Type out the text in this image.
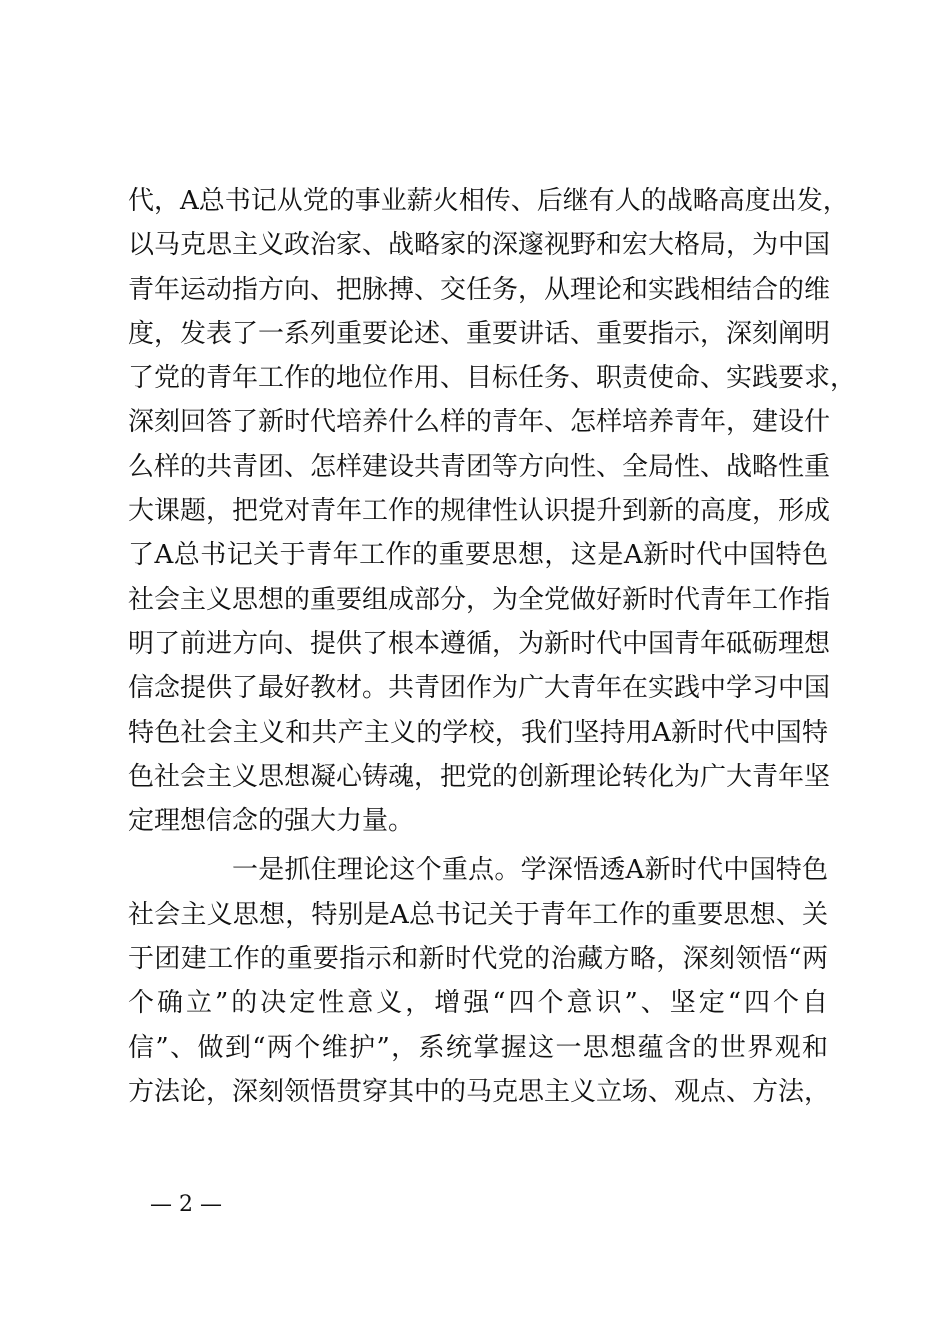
代，A总书记从党的事业薪火相传、后继有人的战略高度出发，
以马克思主义政治家、战略家的深邃视野和宏大格局，为中国
青年运动指方向、把脉搏、交任务，从理论和实践相结合的维
度，发表了一系列重要论述、重要讲话、重要指示，深刻阐明
了党的青年工作的地位作用、目标任务、职责使命、实践要求，
深刻回答了新时代培养什么样的青年、怎样培养青年，建设什
么样的共青团、怎样建设共青团等方向性、全局性、战略性重
大课题，把党对青年工作的规律性认识提升到新的高度，形成
了A总书记关于青年工作的重要思想，这是A新时代中国特色
社会主义思想的重要组成部分，为全党做好新时代青年工作指
明了前进方向、提供了根本遵循，为新时代中国青年砥砺理想
信念提供了最好教材。共青团作为广大青年在实践中学习中国
特色社会主义和共产主义的学校，我们坚持用A新时代中国特
色社会主义思想凝心铸魂，把党的创新理论转化为广大青年坚
定理想信念的强大力量。
一是抓住理论这个重点。学深悟透A新时代中国特色
社会主义思想，特别是A总书记关于青年工作的重要思想、关
于团建工作的重要指示和新时代党的治藏方略，深刻领悟“两
个确立”的决定性意义，增强“四个意识”、坚定“四个自
信”、做到“两个维护”，系统掌握这一思想蕴含的世界观和
方法论，深刻领悟贯穿其中的马克思主义立场、观点、方法，
— 2 —
